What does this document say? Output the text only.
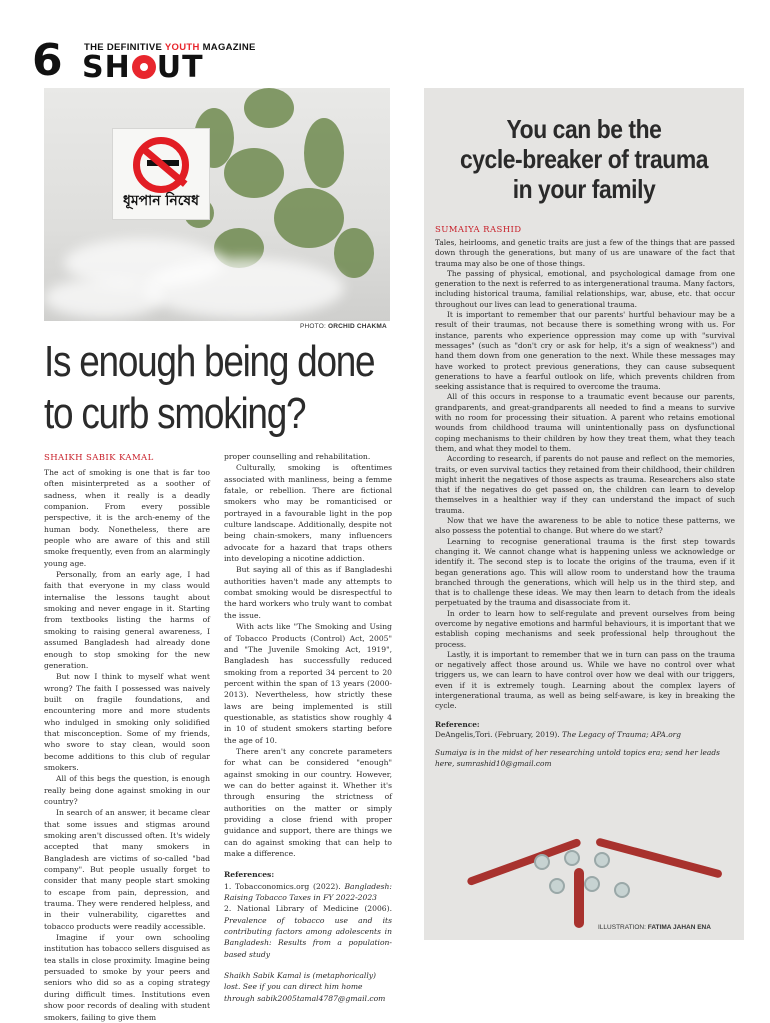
6 THE DEFINITIVE YOUTH MAGAZINE
SH UT
ধূমপান নিষেধ
PHOTO: ORCHID CHAKMA
Is enough being done
to curb smoking?
SHAIKH SABIK KAMAL

The act of smoking is one that is far too often misinterpreted as a soother of sadness, when it really is a deadly companion. From every possible perspective, it is the arch-enemy of the human body. Nonetheless, there are people who are aware of this and still smoke frequently, even from an alarmingly young age.

Personally, from an early age, I had faith that everyone in my class would internalise the lessons taught about smoking and never engage in it. Starting from textbooks listing the harms of smoking to raising general awareness, I assumed Bangladesh had already done enough to stop smoking for the new generation.

But now I think to myself what went wrong? The faith I possessed was naively built on fragile foundations, and encountering more and more students who indulged in smoking only solidified that misconception. Some of my friends, who swore to stay clean, would soon become additions to this club of regular smokers.

All of this begs the question, is enough really being done against smoking in our country?

In search of an answer, it became clear that some issues and stigmas around smoking aren't discussed often. It's widely accepted that many smokers in Bangladesh are victims of so-called "bad company". But people usually forget to consider that many people start smoking to escape from pain, depression, and trauma. They were rendered helpless, and in their vulnerability, cigarettes and tobacco products were readily accessible.

Imagine if your own schooling institution has tobacco sellers disguised as tea stalls in close proximity. Imagine being persuaded to smoke by your peers and seniors who did so as a coping strategy during difficult times. Institutions even show poor records of dealing with student smokers, failing to give them

proper counselling and rehabilitation.

Culturally, smoking is oftentimes associated with manliness, being a femme fatale, or rebellion. There are fictional smokers who may be romanticised or portrayed in a favourable light in the pop culture landscape. Additionally, despite not being chain-smokers, many influencers advocate for a hazard that traps others into developing a nicotine addiction.

But saying all of this as if Bangladeshi authorities haven't made any attempts to combat smoking would be disrespectful to the hard workers who truly want to combat the issue.

With acts like "The Smoking and Using of Tobacco Products (Control) Act, 2005" and "The Juvenile Smoking Act, 1919", Bangladesh has successfully reduced smoking from a reported 34 percent to 20 percent within the span of 13 years (2000-2013). Nevertheless, how strictly these laws are being implemented is still questionable, as statistics show roughly 4 in 10 of student smokers starting before the age of 10.

There aren't any concrete parameters for what can be considered "enough" against smoking in our country. However, we can do better against it. Whether it's through ensuring the strictness of authorities on the matter or simply providing a close friend with proper guidance and support, there are things we can do against smoking that can help to make a difference.

References:

1. Tobacconomics.org (2022). Bangladesh: Raising Tobacco Taxes in FY 2022-2023

2. National Library of Medicine (2006). Prevalence of tobacco use and its contributing factors among adolescents in Bangladesh: Results from a population-based study

Shaikh Sabik Kamal is (metaphorically) lost. See if you can direct him home through sabik2005tamal4787@gmail.com

You can be the
cycle-breaker of trauma
in your family
SUMAIYA RASHID

Tales, heirlooms, and genetic traits are just a few of the things that are passed down through the generations, but many of us are unaware of the fact that trauma may also be one of those things.

The passing of physical, emotional, and psychological damage from one generation to the next is referred to as intergenerational trauma. Many factors, including historical trauma, familial relationships, war, abuse, etc. that occur throughout our lives can lead to generational trauma.

It is important to remember that our parents' hurtful behaviour may be a result of their traumas, not because there is something wrong with us. For instance, parents who experience oppression may come up with "survival messages" (such as "don't cry or ask for help, it's a sign of weakness") and hand them down from one generation to the next. While these messages may have worked to protect previous generations, they can cause subsequent generations to have a fearful outlook on life, which prevents children from seeking assistance that is required to overcome the trauma.

All of this occurs in response to a traumatic event because our parents, grandparents, and great-grandparents all needed to find a means to survive with no room for processing their situation. A parent who retains emotional wounds from childhood trauma will unintentionally pass on dysfunctional coping mechanisms to their children by how they treat them, what they teach them, and what they model to them.

According to research, if parents do not pause and reflect on the memories, traits, or even survival tactics they retained from their childhood, their children might inherit the negatives of those aspects as trauma. Researchers also state that if the negatives do get passed on, the children can learn to develop themselves in a healthier way if they can understand the impact of such trauma.

Now that we have the awareness to be able to notice these patterns, we also possess the potential to change. But where do we start?

Learning to recognise generational trauma is the first step towards changing it. We cannot change what is happening unless we acknowledge or identify it. The second step is to locate the origins of the trauma, even if it began generations ago. This will allow room to understand how the trauma branched through the generations, which will help us in the third step, and that is to challenge these ideas. We may then learn to detach from the ideals perpetuated by the trauma and disassociate from it.

In order to learn how to self-regulate and prevent ourselves from being overcome by negative emotions and harmful behaviours, it is important that we establish coping mechanisms and seek professional help throughout the process.

Lastly, it is important to remember that we in turn can pass on the trauma or negatively affect those around us. While we have no control over what triggers us, we can learn to have control over how we deal with our triggers, even if it is extremely tough. Learning about the complex layers of intergenerational trauma, as well as being self-aware, is key in breaking the cycle.

Reference:

DeAngelis,Tori. (February, 2019). The Legacy of Trauma; APA.org

Sumaiya is in the midst of her researching untold topics era; send her leads here, sumrashid10@gmail.com

ILLUSTRATION: FATIMA JAHAN ENA
